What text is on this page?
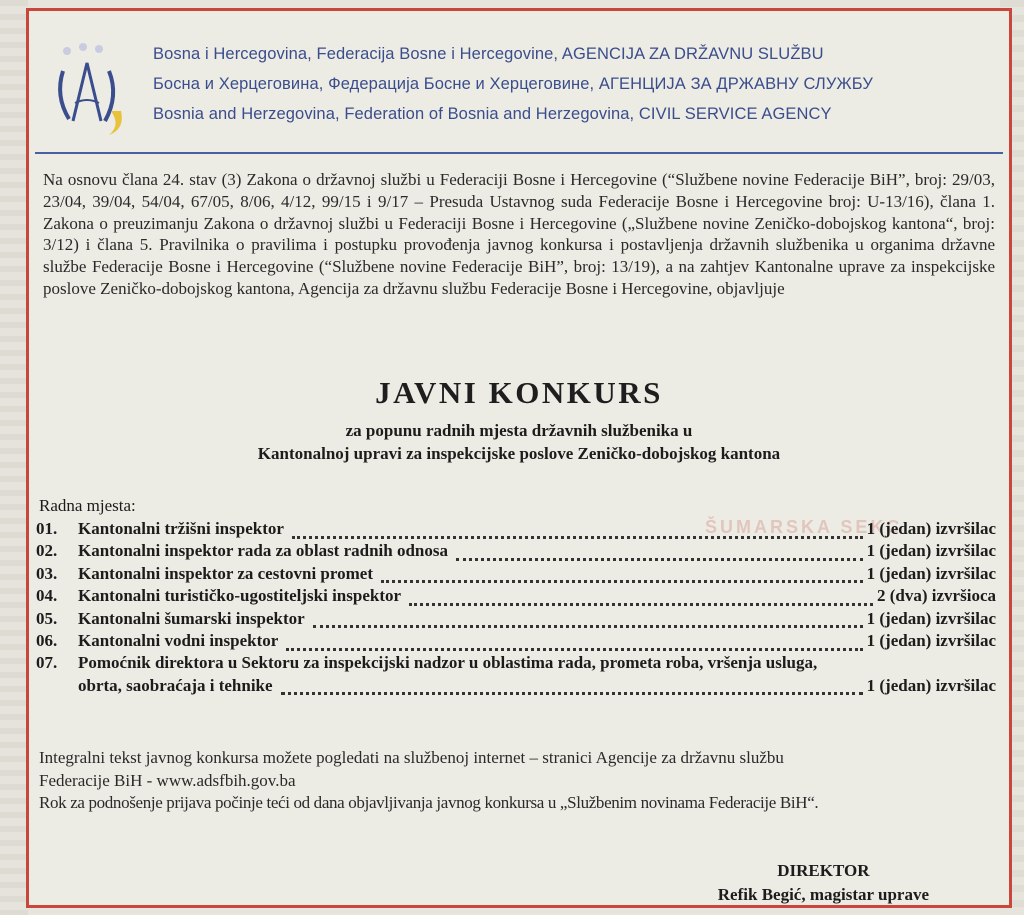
Bosna i Hercegovina, Federacija Bosne i Hercegovine, AGENCIJA ZA DRŽAVNU SLUŽBU
Босна и Херцеговина, Федерација Босне и Херцеговине, АГЕНЦИЈА ЗА ДРЖАВНУ СЛУЖБУ
Bosnia and Herzegovina, Federation of Bosnia and Herzegovina, CIVIL SERVICE AGENCY
Na osnovu člana 24. stav (3) Zakona o državnoj službi u Federaciji Bosne i Hercegovine (“Službene novine Federacije BiH”, broj: 29/03, 23/04, 39/04, 54/04, 67/05, 8/06, 4/12, 99/15 i 9/17 – Presuda Ustavnog suda Federacije Bosne i Hercegovine broj: U-13/16), člana 1. Zakona o preuzimanju Zakona o državnoj službi u Federaciji Bosne i Hercegovine („Službene novine Zeničko-dobojskog kantona“, broj: 3/12) i člana 5. Pravilnika o pravilima i postupku provođenja javnog konkursa i postavljenja državnih službenika u organima državne službe Federacije Bosne i Hercegovine (“Službene novine Federacije BiH”, broj: 13/19), a na zahtjev Kantonalne uprave za inspekcijske poslove Zeničko-dobojskog kantona, Agencija za državnu službu Federacije Bosne i Hercegovine, objavljuje
ŠUMARSKA SEKC
JAVNI KONKURS
za popunu radnih mjesta državnih službenika u
Kantonalnoj upravi za inspekcijske poslove Zeničko-dobojskog kantona
Radna mjesta:
01.	Kantonalni tržišni inspektor	1 (jedan) izvršilac
02.	Kantonalni inspektor rada za oblast radnih odnosa	1 (jedan) izvršilac
03.	Kantonalni inspektor za cestovni promet	1 (jedan) izvršilac
04.	Kantonalni turističko-ugostiteljski inspektor	2 (dva) izvršioca
05.	Kantonalni šumarski inspektor	1 (jedan) izvršilac
06.	Kantonalni vodni inspektor	1 (jedan) izvršilac
07.	Pomoćnik direktora u Sektoru za inspekcijski nadzor u oblastima rada, prometa roba, vršenja usluga,
obrta, saobraćaja i tehnike	1 (jedan) izvršilac
Integralni tekst javnog konkursa možete pogledati na službenoj internet – stranici Agencije za državnu službu
Federacije BiH - www.adsfbih.gov.ba
Rok za podnošenje prijava počinje teći od dana objavljivanja javnog konkursa u „Službenim novinama Federacije BiH“.
DIREKTOR
Refik Begić, magistar uprave
